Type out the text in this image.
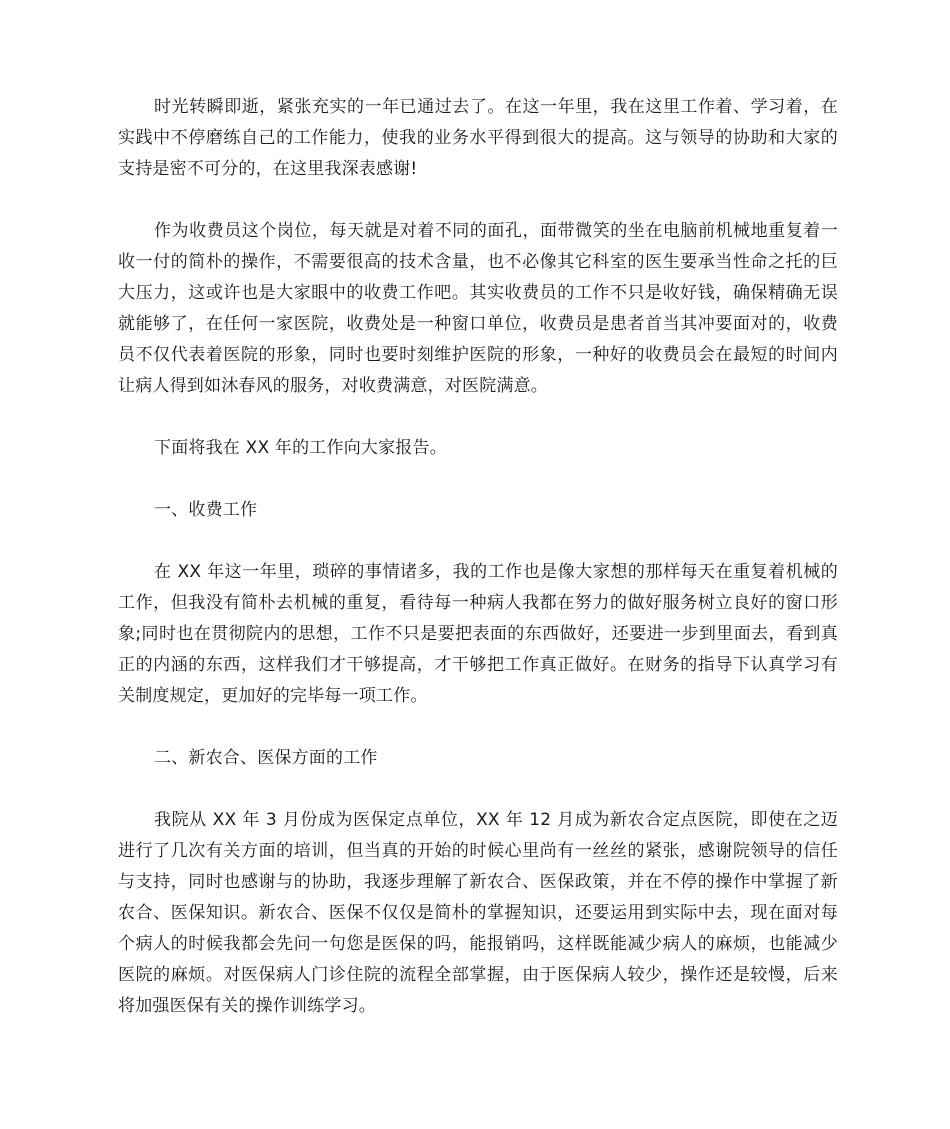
时光转瞬即逝，紧张充实的一年已通过去了。在这一年里，我在这里工作着、学习着，在实践中不停磨练自己的工作能力，使我的业务水平得到很大的提高。这与领导的协助和大家的支持是密不可分的，在这里我深表感谢!

作为收费员这个岗位，每天就是对着不同的面孔，面带微笑的坐在电脑前机械地重复着一收一付的简朴的操作，不需要很高的技术含量，也不必像其它科室的医生要承当性命之托的巨大压力，这或许也是大家眼中的收费工作吧。其实收费员的工作不只是收好钱，确保精确无误就能够了，在任何一家医院，收费处是一种窗口单位，收费员是患者首当其冲要面对的，收费员不仅代表着医院的形象，同时也要时刻维护医院的形象，一种好的收费员会在最短的时间内让病人得到如沐春风的服务，对收费满意，对医院满意。

下面将我在 XX 年的工作向大家报告。

一、收费工作

在 XX 年这一年里，琐碎的事情诸多，我的工作也是像大家想的那样每天在重复着机械的工作，但我没有简朴去机械的重复，看待每一种病人我都在努力的做好服务树立良好的窗口形象;同时也在贯彻院内的思想，工作不只是要把表面的东西做好，还要进一步到里面去，看到真正的内涵的东西，这样我们才干够提高，才干够把工作真正做好。在财务的指导下认真学习有关制度规定，更加好的完毕每一项工作。

二、新农合、医保方面的工作

我院从 XX 年 3 月份成为医保定点单位，XX 年 12 月成为新农合定点医院，即使在之迈进行了几次有关方面的培训，但当真的开始的时候心里尚有一丝丝的紧张，感谢院领导的信任与支持，同时也感谢与的协助，我逐步理解了新农合、医保政策，并在不停的操作中掌握了新农合、医保知识。新农合、医保不仅仅是简朴的掌握知识，还要运用到实际中去，现在面对每个病人的时候我都会先问一句您是医保的吗，能报销吗，这样既能减少病人的麻烦，也能减少医院的麻烦。对医保病人门诊住院的流程全部掌握，由于医保病人较少，操作还是较慢，后来将加强医保有关的操作训练学习。
